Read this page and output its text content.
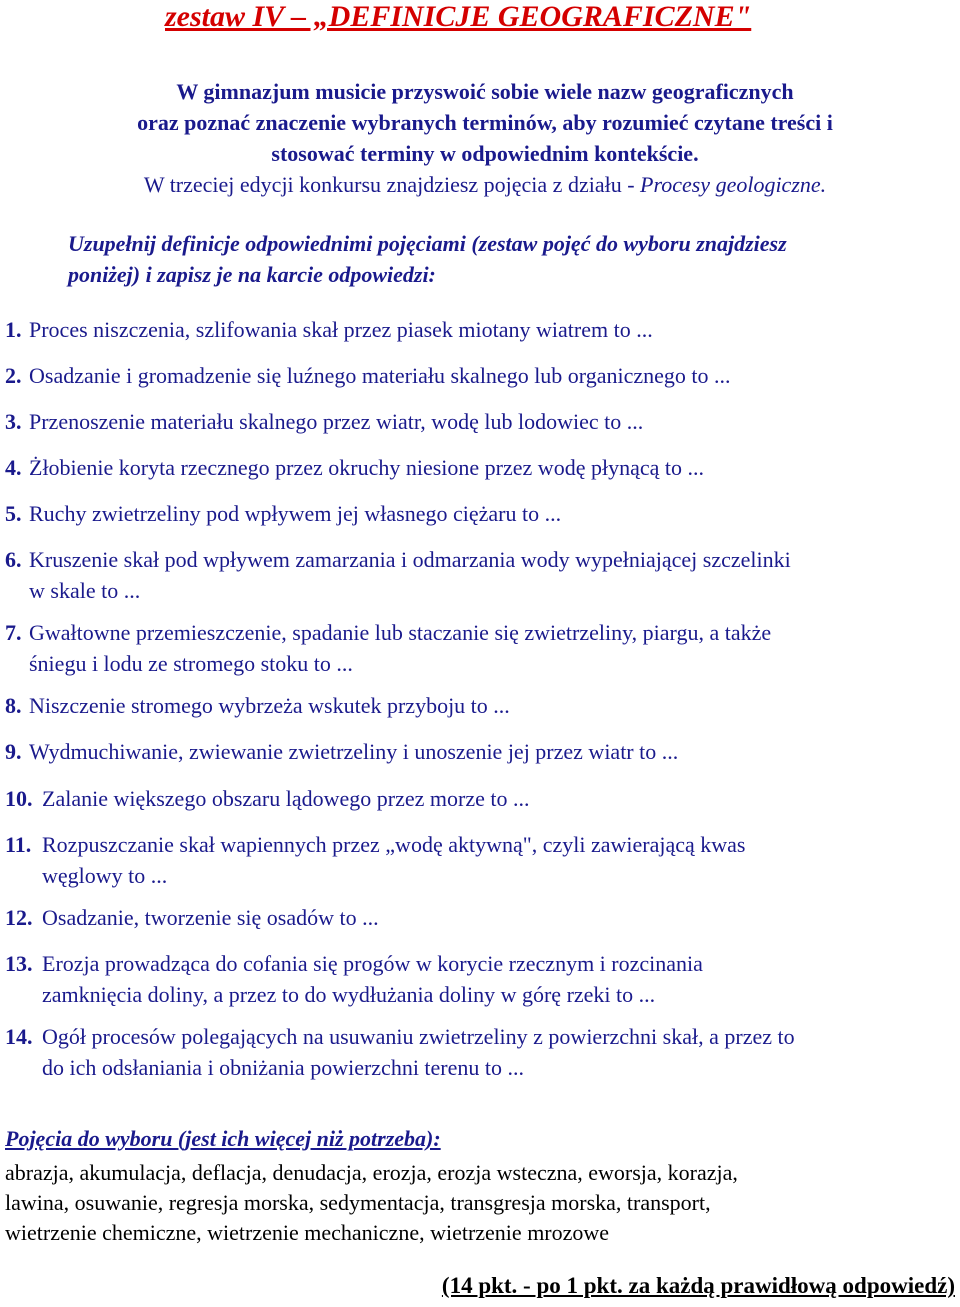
zestaw IV – „DEFINICJE GEOGRAFICZNE"
W gimnazjum musicie przyswoić sobie wiele nazw geograficznych
oraz poznać znaczenie wybranych terminów, aby rozumieć czytane treści i
stosować terminy w odpowiednim kontekście.
W trzeciej edycji konkursu znajdziesz pojęcia z działu - Procesy geologiczne.
Uzupełnij definicje odpowiednimi pojęciami (zestaw pojęć do wyboru znajdziesz
poniżej) i zapisz je na karcie odpowiedzi:
1. Proces niszczenia, szlifowania skał przez piasek miotany wiatrem to ...
2. Osadzanie i gromadzenie się luźnego materiału skalnego lub organicznego to ...
3. Przenoszenie materiału skalnego przez wiatr, wodę lub lodowiec to ...
4. Żłobienie koryta rzecznego przez okruchy niesione przez wodę płynącą to ...
5. Ruchy zwietrzeliny pod wpływem jej własnego ciężaru to ...
6. Kruszenie skał pod wpływem zamarzania i odmarzania wody wypełniającej szczelinki
w skale to ...
7. Gwałtowne przemieszczenie, spadanie lub staczanie się zwietrzeliny, piargu, a także
śniegu i lodu ze stromego stoku to ...
8. Niszczenie stromego wybrzeża wskutek przyboju to ...
9. Wydmuchiwanie, zwiewanie zwietrzeliny i unoszenie jej przez wiatr to ...
10. Zalanie większego obszaru lądowego przez morze to ...
11. Rozpuszczanie skał wapiennych przez „wodę aktywną", czyli zawierającą kwas
węglowy to ...
12. Osadzanie, tworzenie się osadów to ...
13. Erozja prowadząca do cofania się progów w korycie rzecznym i rozcinania
zamknięcia doliny, a przez to do wydłużania doliny w górę rzeki to ...
14. Ogół procesów polegających na usuwaniu zwietrzeliny z powierzchni skał, a przez to
do ich odsłaniania i obniżania powierzchni terenu to ...
Pojęcia do wyboru (jest ich więcej niż potrzeba):
abrazja, akumulacja, deflacja, denudacja, erozja, erozja wsteczna, eworsja, korazja,
lawina, osuwanie, regresja morska, sedymentacja, transgresja morska, transport,
wietrzenie chemiczne, wietrzenie mechaniczne, wietrzenie mrozowe
(14 pkt. - po 1 pkt. za każdą prawidłową odpowiedź)
